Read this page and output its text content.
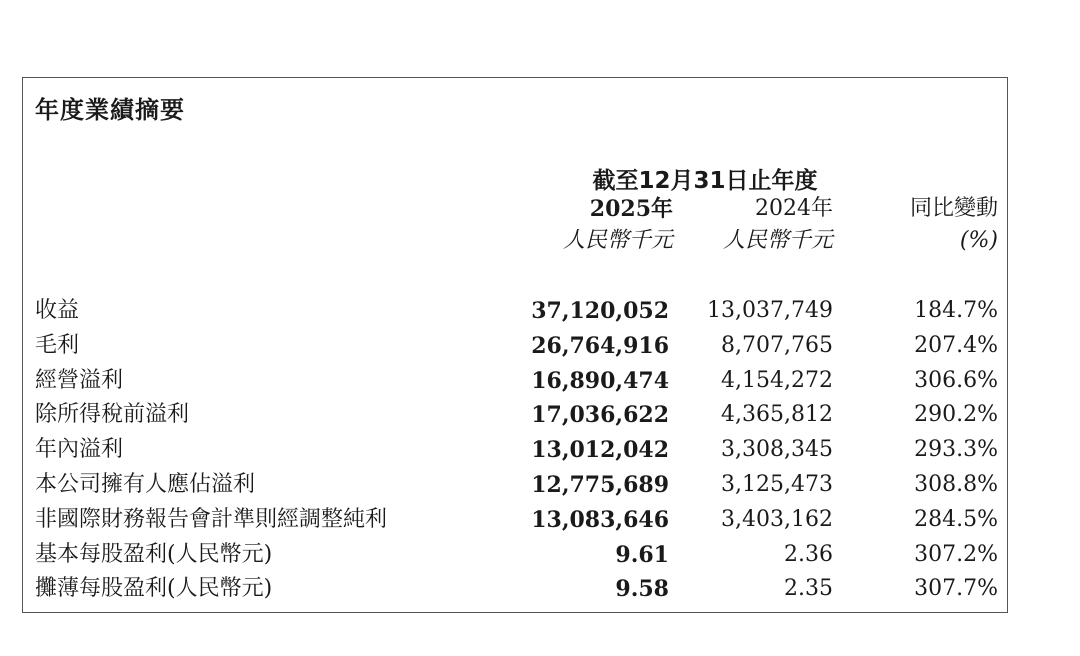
年度業績摘要
截至12月31日止年度
2025年
人民幣千元
2024年
人民幣千元
同比變動
(%)
收益	37,120,052	13,037,749	184.7%
毛利	26,764,916	8,707,765	207.4%
經營溢利	16,890,474	4,154,272	306.6%
除所得稅前溢利	17,036,622	4,365,812	290.2%
年內溢利	13,012,042	3,308,345	293.3%
本公司擁有人應佔溢利	12,775,689	3,125,473	308.8%
非國際財務報告會計準則經調整純利	13,083,646	3,403,162	284.5%
基本每股盈利(人民幣元)	9.61	2.36	307.2%
攤薄每股盈利(人民幣元)	9.58	2.35	307.7%
